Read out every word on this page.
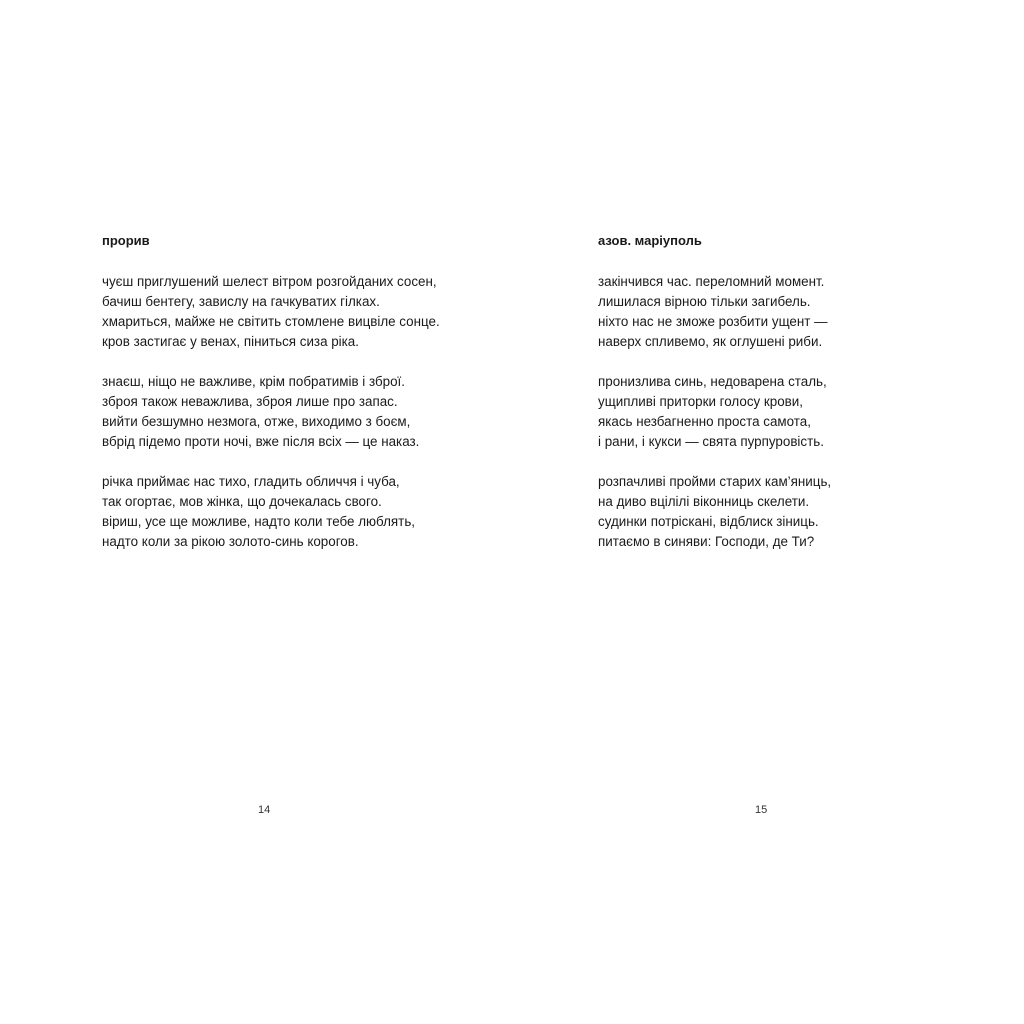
прорив
чуєш приглушений шелест вітром розгойданих сосен,
бачиш бентегу, завислу на гачкуватих гілках.
хмариться, майже не світить стомлене вицвіле сонце.
кров застигає у венах, піниться сиза ріка.
знаєш, ніщо не важливе, крім побратимів і зброї.
зброя також неважлива, зброя лише про запас.
вийти безшумно незмога, отже, виходимо з боєм,
вбрід підемо проти ночі, вже після всіх — це наказ.
річка приймає нас тихо, гладить обличчя і чуба,
так огортає, мов жінка, що дочекалась свого.
віриш, усе ще можливе, надто коли тебе люблять,
надто коли за рікою золото-синь корогов.
14
азов. маріуполь
закінчився час. переломний момент.
лишилася вірною тільки загибель.
ніхто нас не зможе розбити ущент —
наверх спливемо, як оглушені риби.
пронизлива синь, недоварена сталь,
ущипливі приторки голосу крови,
якась незбагненно проста самота,
і рани, і кукси — свята пурпуровість.
розпачливі пройми старих кам’яниць,
на диво вцілілі віконниць скелети.
судинки потріскані, відблиск зіниць.
питаємо в синяви: Господи, де Ти?
15
